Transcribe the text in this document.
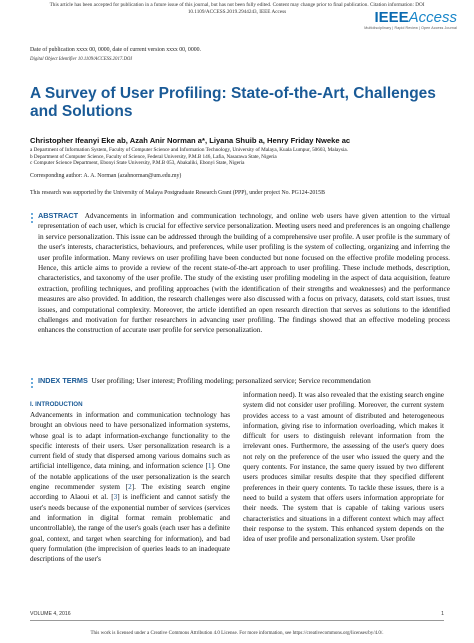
This article has been accepted for publication in a future issue of this journal, but has not been fully edited. Content may change prior to final publication. Citation information: DOI
10.1109/ACCESS.2019.2944243, IEEE Access	IEEEAccess
Multidisciplinary | Rapid Review | Open Access Journal
Date of publication xxxx 00, 0000, date of current version xxxx 00, 0000.
Digital Object Identifier 10.1109/ACCESS.2017.DOI
A Survey of User Profiling: State-of-the-Art, Challenges and Solutions
Christopher Ifeanyi Eke ab, Azah Anir Norman a*, Liyana Shuib a, Henry Friday Nweke ac
a Department of Information System, Faculty of Computer Science and Information Technology, University of Malaya, Kuala Lumpur, 50603, Malaysia.
b Department of Computer Science, Faculty of Science, Federal University, P.M.B 146, Lafia, Nasarawa State, Nigeria
c Computer Science Department, Ebonyi State University, P.M.B 053, Abakaliki, Ebonyi State, Nigeria
Corresponding author: A. A. Norman (azahnorman@um.edu.my)
This research was supported by the University of Malaya Postgraduate Research Grant (PPP), under project No. PG124-2015B
ABSTRACT Advancements in information and communication technology, and online web users have given attention to the virtual representation of each user, which is crucial for effective service personalization. Meeting users need and preferences is an ongoing challenge in service personalization. This issue can be addressed through the building of a comprehensive user profile. A user profile is the summary of the user's interests, characteristics, behaviours, and preferences, while user profiling is the system of collecting, organizing and inferring the user profile information. Many reviews on user profiling have been conducted but none focused on the effective profile modeling process. Hence, this article aims to provide a review of the recent state-of-the-art approach to user profiling. These include methods, description, characteristics, and taxonomy of the user profile. The study of the existing user profiling modeling in the aspect of data acquisition, feature extraction, profiling techniques, and profiling approaches (with the identification of their strengths and weaknesses) and the performance measures are also provided. In addition, the research challenges were also discussed with a focus on privacy, datasets, cold start issues, trust issues, and computational complexity. Moreover, the article identified an open research direction that serves as solutions to the identified challenges and motivation for further researchers in advancing user profiling. The findings showed that an effective modeling process enhances the construction of accurate user profile for service personalization.
INDEX TERMS User profiling; User interest; Profiling modeling; personalized service; Service recommendation
I. INTRODUCTION
Advancements in information and communication technology has brought an obvious need to have personalized information systems, whose goal is to adapt information-exchange functionality to the specific interests of their users. User personalization research is a current field of study that dispersed among various domains such as artificial intelligence, data mining, and information science [1]. One of the notable applications of the user personalization is the search engine recommender system [2]. The existing search engine according to Alaoui et al. [3] is inefficient and cannot satisfy the user's needs because of the exponential number of services (services and information in digital format remain problematic and uncontrollable), the range of the user's goals (each user has a definite goal, context, and target when searching for information), and bad query formulation (the imprecision of queries leads to an inadequate descriptions of the user's
information need). It was also revealed that the existing search engine system did not consider user profiling. Moreover, the current system provides access to a vast amount of distributed and heterogeneous information, giving rise to information overloading, which makes it difficult for users to distinguish relevant information from the irrelevant ones. Furthermore, the assessing of the user's query does not rely on the preference of the user who issued the query and the query contents. For instance, the same query issued by two different users produces similar results despite that they specified different preferences in their query contents. To tackle these issues, there is a need to build a system that offers users information appropriate for their needs. The system that is capable of taking various users characteristics and situations in a different context which may affect their response to the system. This enhanced system depends on the idea of user profile and personalization system. User profile
VOLUME 4, 2016	1
This work is licensed under a Creative Commons Attribution 4.0 License. For more information, see https://creativecommons.org/licenses/by/4.0/.
